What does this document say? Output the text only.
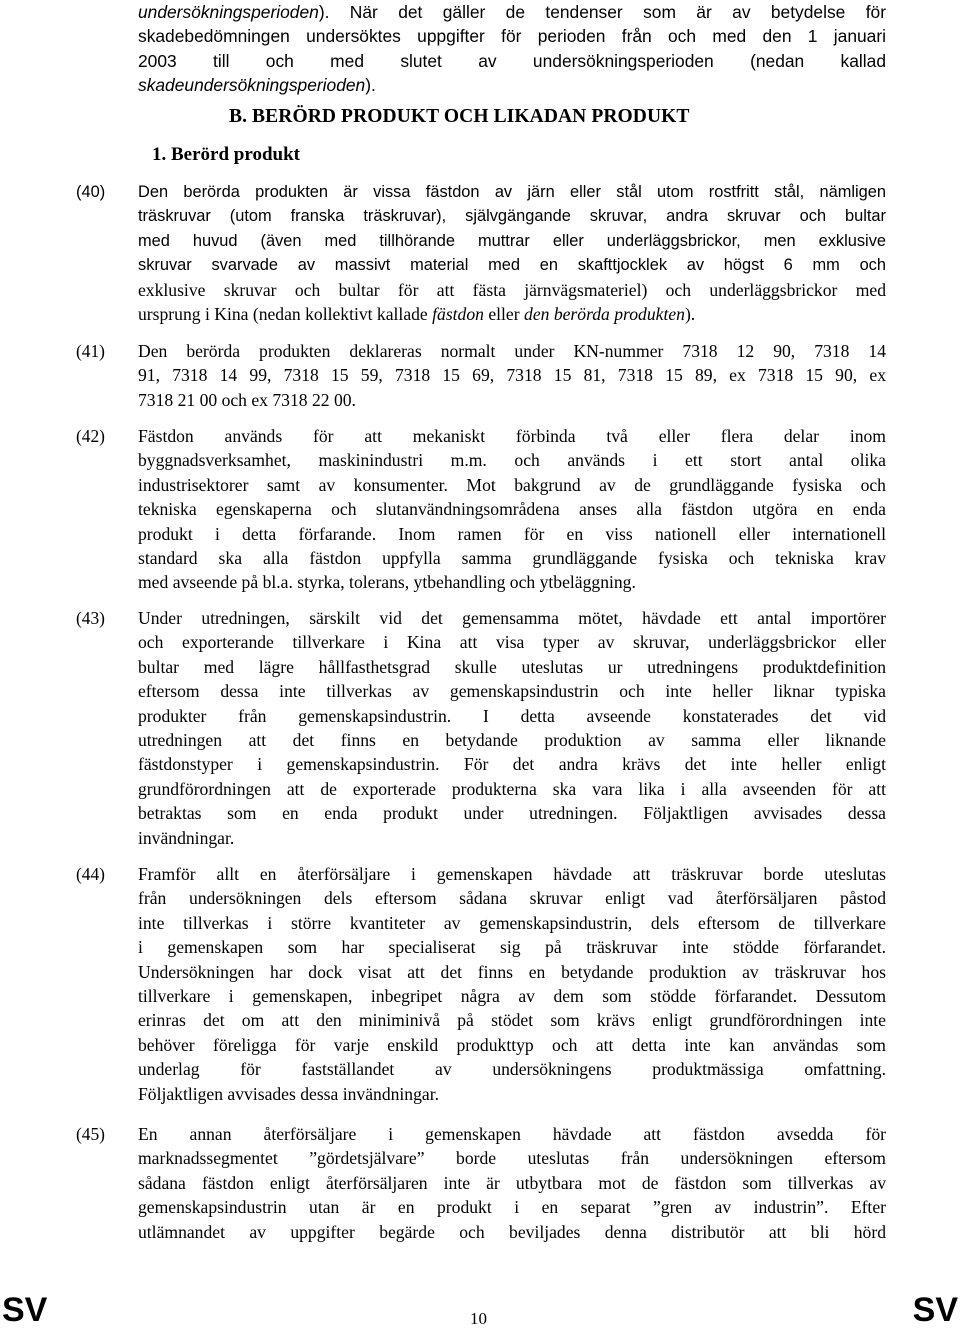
undersökningsperioden). När det gäller de tendenser som är av betydelse för
skadebedömningen undersöktes uppgifter för perioden från och med den 1 januari
2003 till och med slutet av undersökningsperioden (nedan kallad
skadeundersökningsperioden).
B. BERÖRD PRODUKT OCH LIKADAN PRODUKT
1. Berörd produkt
(40) Den berörda produkten är vissa fästdon av järn eller stål utom rostfritt stål, nämligen
träskruvar (utom franska träskruvar), självgängande skruvar, andra skruvar och bultar
med huvud (även med tillhörande muttrar eller underläggsbrickor, men exklusive
skruvar svarvade av massivt material med en skafttjocklek av högst 6 mm och
exklusive skruvar och bultar för att fästa järnvägsmateriel) och underläggsbrickor med
ursprung i Kina (nedan kollektivt kallade fästdon eller den berörda produkten).
(41) Den berörda produkten deklareras normalt under KN-nummer 7318 12 90, 7318 14
91, 7318 14 99, 7318 15 59, 7318 15 69, 7318 15 81, 7318 15 89, ex 7318 15 90, ex
7318 21 00 och ex 7318 22 00.
(42) Fästdon används för att mekaniskt förbinda två eller flera delar inom
byggnadsverksamhet, maskinindustri m.m. och används i ett stort antal olika
industrisektorer samt av konsumenter. Mot bakgrund av de grundläggande fysiska och
tekniska egenskaperna och slutanvändningsområdena anses alla fästdon utgöra en enda
produkt i detta förfarande. Inom ramen för en viss nationell eller internationell
standard ska alla fästdon uppfylla samma grundläggande fysiska och tekniska krav
med avseende på bl.a. styrka, tolerans, ytbehandling och ytbeläggning.
(43) Under utredningen, särskilt vid det gemensamma mötet, hävdade ett antal importörer
och exporterande tillverkare i Kina att visa typer av skruvar, underläggsbrickor eller
bultar med lägre hållfasthetsgrad skulle uteslutas ur utredningens produktdefinition
eftersom dessa inte tillverkas av gemenskapsindustrin och inte heller liknar typiska
produkter från gemenskapsindustrin. I detta avseende konstaterades det vid
utredningen att det finns en betydande produktion av samma eller liknande
fästdonstyper i gemenskapsindustrin. För det andra krävs det inte heller enligt
grundförordningen att de exporterade produkterna ska vara lika i alla avseenden för att
betraktas som en enda produkt under utredningen. Följaktligen avvisades dessa
invändningar.
(44) Framför allt en återförsäljare i gemenskapen hävdade att träskruvar borde uteslutas
från undersökningen dels eftersom sådana skruvar enligt vad återförsäljaren påstod
inte tillverkas i större kvantiteter av gemenskapsindustrin, dels eftersom de tillverkare
i gemenskapen som har specialiserat sig på träskruvar inte stödde förfarandet.
Undersökningen har dock visat att det finns en betydande produktion av träskruvar hos
tillverkare i gemenskapen, inbegripet några av dem som stödde förfarandet. Dessutom
erinras det om att den miniminivå på stödet som krävs enligt grundförordningen inte
behöver föreligga för varje enskild produkttyp och att detta inte kan användas som
underlag för fastställandet av undersökningens produktmässiga omfattning.
Följaktligen avvisades dessa invändningar.
(45) En annan återförsäljare i gemenskapen hävdade att fästdon avsedda för
marknadssegmentet ”gördetsjälvare” borde uteslutas från undersökningen eftersom
sådana fästdon enligt återförsäljaren inte är utbytbara mot de fästdon som tillverkas av
gemenskapsindustrin utan är en produkt i en separat ”gren av industrin”. Efter
utlämnandet av uppgifter begärde och beviljades denna distributör att bli hörd
SV	10	SV
